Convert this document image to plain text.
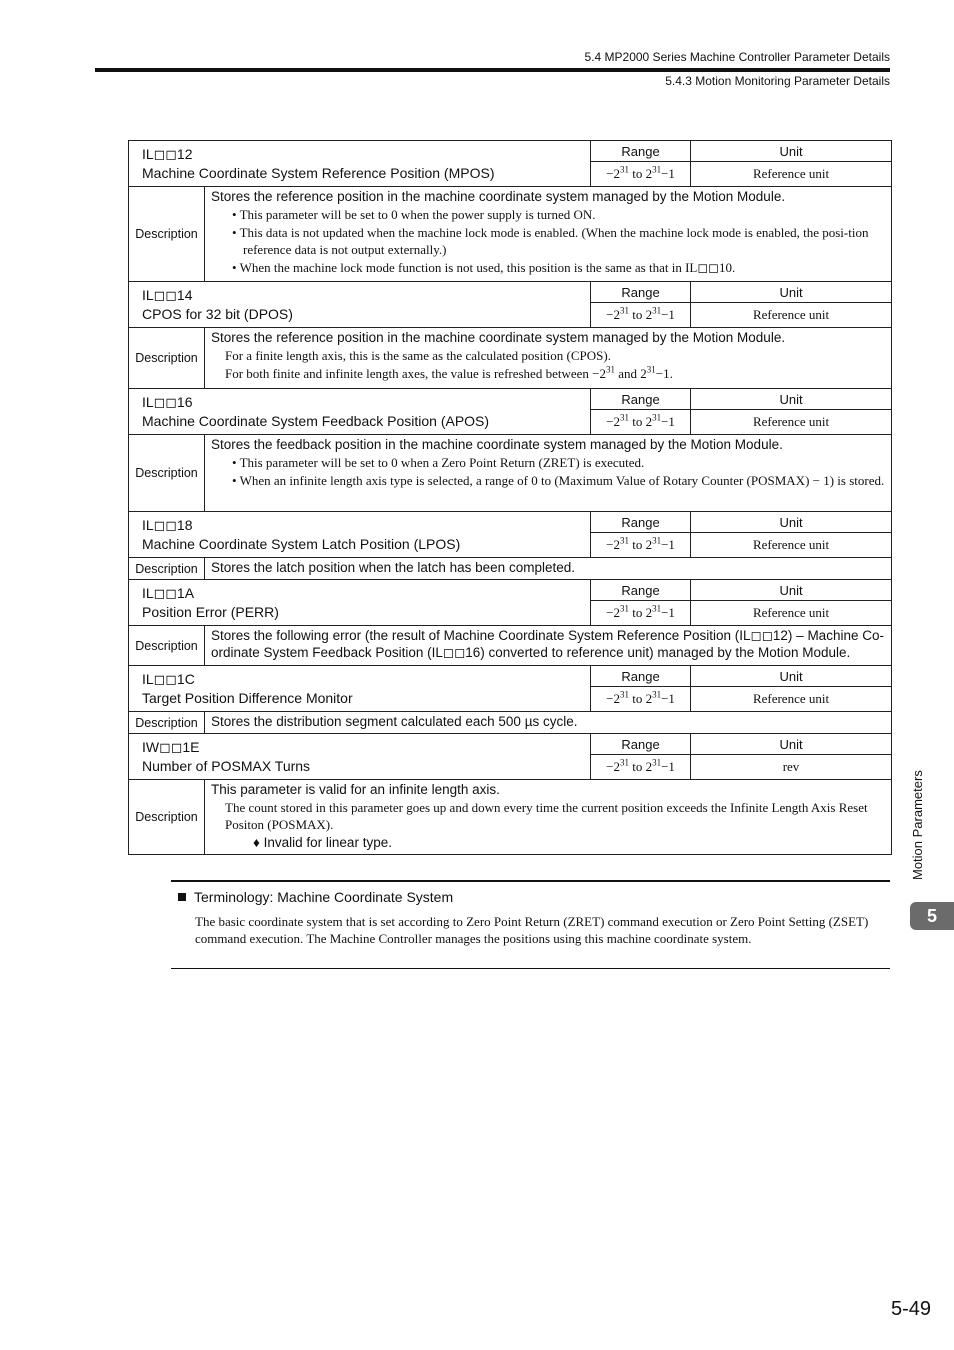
5.4 MP2000 Series Machine Controller Parameter Details
5.4.3 Motion Monitoring Parameter Details
IL◻◻12
Machine Coordinate System Reference Position (MPOS)		Range	Unit
		$-2^{31}$ to $2^{31}-1$	Reference unit
Description	Stores the reference position in the machine coordinate system managed by the Motion Module.
• This parameter will be set to 0 when the power supply is turned ON.
• This data is not updated when the machine lock mode is enabled. (When the machine lock mode is enabled, the posi-tion reference data is not output externally.)
• When the machine lock mode function is not used, this position is the same as that in IL◻◻10.		

IL◻◻14
CPOS for 32 bit (DPOS)		Range	Unit
		$-2^{31}$ to $2^{31}-1$	Reference unit
Description	Stores the reference position in the machine coordinate system managed by the Motion Module.
For a finite length axis, this is the same as the calculated position (CPOS).
For both finite and infinite length axes, the value is refreshed between $-2^{31}$ and $2^{31}-1$.		

IL◻◻16
Machine Coordinate System Feedback Position (APOS)		Range	Unit
		$-2^{31}$ to $2^{31}-1$	Reference unit
Description	Stores the feedback position in the machine coordinate system managed by the Motion Module.
• This parameter will be set to 0 when a Zero Point Return (ZRET) is executed.
• When an infinite length axis type is selected, a range of 0 to (Maximum Value of Rotary Counter (POSMAX) − 1) is stored.		

IL◻◻18
Machine Coordinate System Latch Position (LPOS)		Range	Unit
		$-2^{31}$ to $2^{31}-1$	Reference unit
Description	Stores the latch position when the latch has been completed.		

IL◻◻1A
Position Error (PERR)		Range	Unit
		$-2^{31}$ to $2^{31}-1$	Reference unit
Description	Stores the following error (the result of Machine Coordinate System Reference Position (IL◻◻12) – Machine Co-ordinate System Feedback Position (IL◻◻16) converted to reference unit) managed by the Motion Module.		

IL◻◻1C
Target Position Difference Monitor		Range	Unit
		$-2^{31}$ to $2^{31}-1$	Reference unit
Description	Stores the distribution segment calculated each 500 µs cycle.		

IW◻◻1E
Number of POSMAX Turns		Range	Unit
		$-2^{31}$ to $2^{31}-1$	rev
Description	This parameter is valid for an infinite length axis.
The count stored in this parameter goes up and down every time the current position exceeds the Infinite Length Axis Reset Positon (POSMAX).
♦ Invalid for linear type.		
Terminology: Machine Coordinate System
The basic coordinate system that is set according to Zero Point Return (ZRET) command execution or Zero Point Setting (ZSET) command execution. The Machine Controller manages the positions using this machine coordinate system.
Motion Parameters
5
5-49
